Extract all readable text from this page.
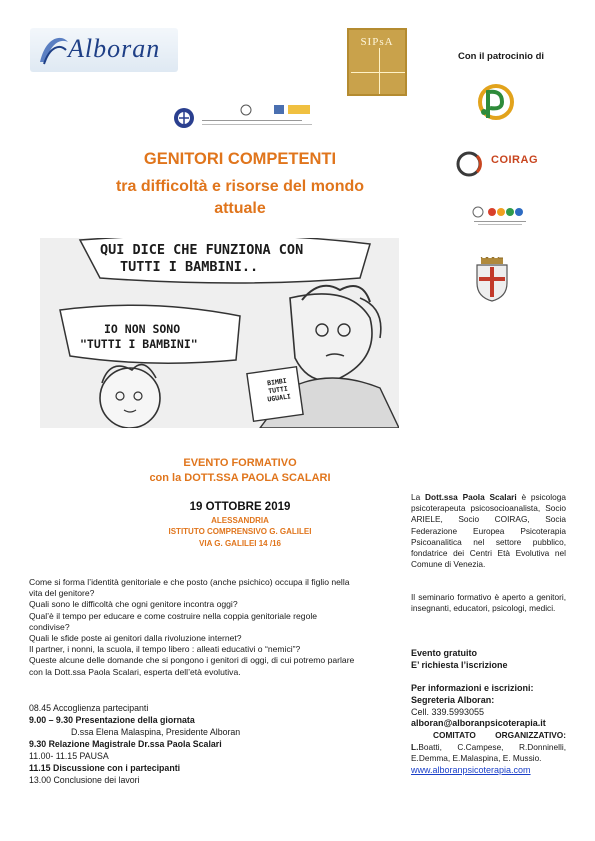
Alboran	SIPsA
Con il patrocinio di
COIRAG
GENITORI COMPETENTI
tra difficoltà e risorse del mondo
attuale
QUI DICE CHE FUNZIONA CON
TUTTI I BAMBINI..
IO NON SONO
"TUTTI I BAMBINI"
BIMBI
TUTTI
UGUALI
EVENTO FORMATIVO
con la DOTT.SSA PAOLA SCALARI
19 OTTOBRE 2019
ALESSANDRIA
ISTITUTO COMPRENSIVO G. GALILEI
VIA G. GALILEI 14 /16
Come si forma l’identità genitoriale e che posto (anche psichico) occupa il figlio nella vita del genitore?
Quali sono le difficoltà che ogni genitore incontra oggi?
Qual’è il tempo per educare e come costruire nella coppia genitoriale regole condivise?
Quali le sfide poste ai genitori dalla rivoluzione internet?
Il partner, i nonni, la scuola, il tempo libero : alleati educativi o “nemici”?
Queste alcune delle domande che si pongono i genitori di oggi, di cui potremo parlare con la Dott.ssa Paola Scalari, esperta dell’età evolutiva.
08.45 Accoglienza partecipanti
9.00 – 9.30 Presentazione della giornata
D.ssa Elena Malaspina, Presidente Alboran
9.30 Relazione Magistrale Dr.ssa Paola Scalari
11.00- 11.15 PAUSA
11.15 Discussione con i partecipanti
13.00 Conclusione dei lavori
La Dott.ssa Paola Scalari è psicologa psicoterapeuta psicosocioanalista, Socio ARIELE, Socio COIRAG, Socia Federazione Europea Psicoterapia Psicoanalitica nel settore pubblico, fondatrice dei Centri Età Evolutiva nel Comune di Venezia.
Il seminario formativo è aperto a genitori, insegnanti, educatori, psicologi, medici.
Evento gratuito
E’ richiesta l’iscrizione
Per informazioni e iscrizioni:
Segreteria Alboran:
Cell. 339.5993055
alboran@alboranpsicoterapia.it
COMITATO ORGANIZZATIVO:
L.Boatti, C.Campese, R.Donninelli, E.Demma, E.Malaspina, E. Mussio.
www.alboranpsicoterapia.com
